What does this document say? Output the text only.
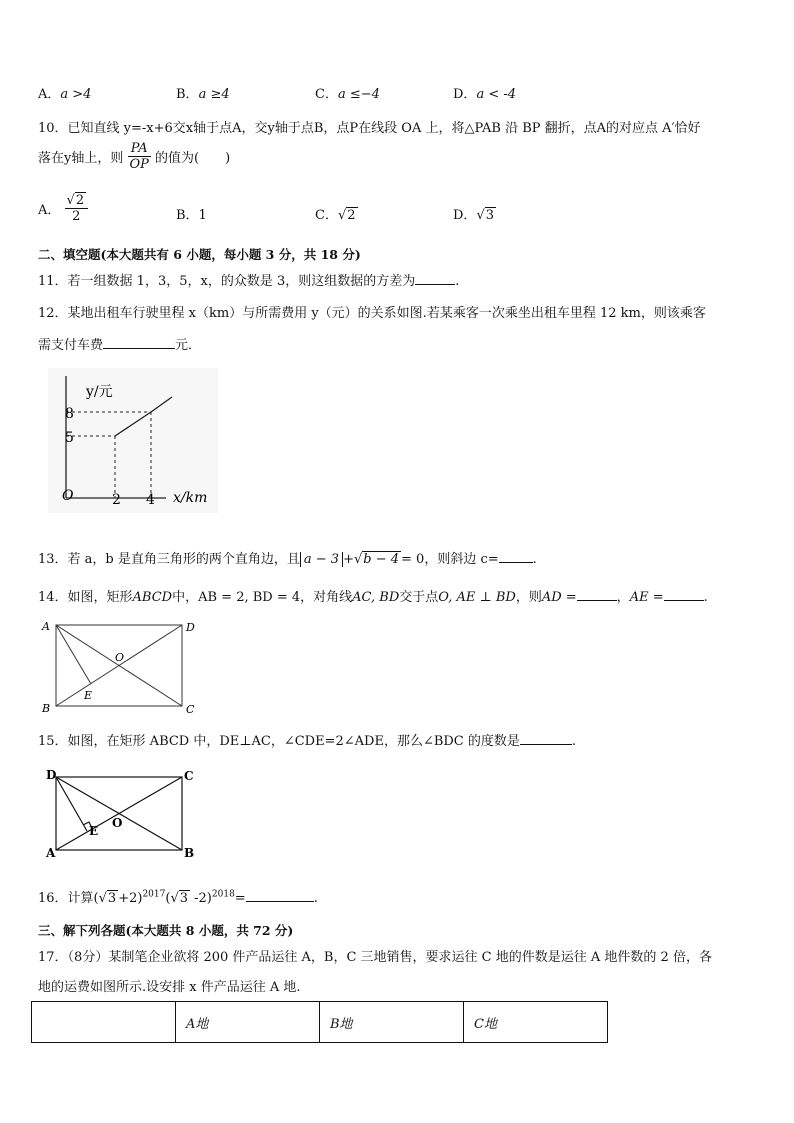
A．a >4	B．a ≥4	C．a ≤−4	D．a < -4
10．已知直线 y=-x+6交x轴于点A，交y轴于点B，点P在线段 OA 上，将△PAB 沿 BP 翻折，点A的对应点 A′恰好
落在y轴上，则 $\frac{PA}{OP}$ 的值为(　　)
A． $\frac{√2}{2}$	B．1	C．√2	D．√3
二、填空题(本大题共有 6 小题，每小题 3 分，共 18 分)
11．若一组数据 1，3，5，x，的众数是 3，则这组数据的方差为	.
12．某地出租车行驶里程 x（km）与所需费用 y（元）的关系如图.若某乘客一次乘坐出租车里程 12 km，则该乘客
需支付车费	元．
y/元
x/km
O	2 4
5
8
13．若 a，b 是直角三角形的两个直角边，且 a − 3 +√b − 4 = 0，则斜边 c=	.
14．如图，矩形ABCD中，AB = 2, BD = 4，对角线AC, BD交于点O, AE ⊥ BD，则AD =	，AE =	.
A	D
B	C
O
E
15．如图，在矩形 ABCD 中，DE⊥AC，∠CDE=2∠ADE，那么∠BDC 的度数是	.
D	C
A	B
O
E
16．计算$(√3 +2)^{2017}(√3$ -2)$^{2018}$=	.
三、解下列各题(本大题共 8 小题，共 72 分)
17．（8分）某制笔企业欲将 200 件产品运往 A，B，C 三地销售，要求运往 C 地的件数是运往 A 地件数的 2 倍，各
地的运费如图所示.设安排 x 件产品运往 A 地.
	A地	B地	C地
